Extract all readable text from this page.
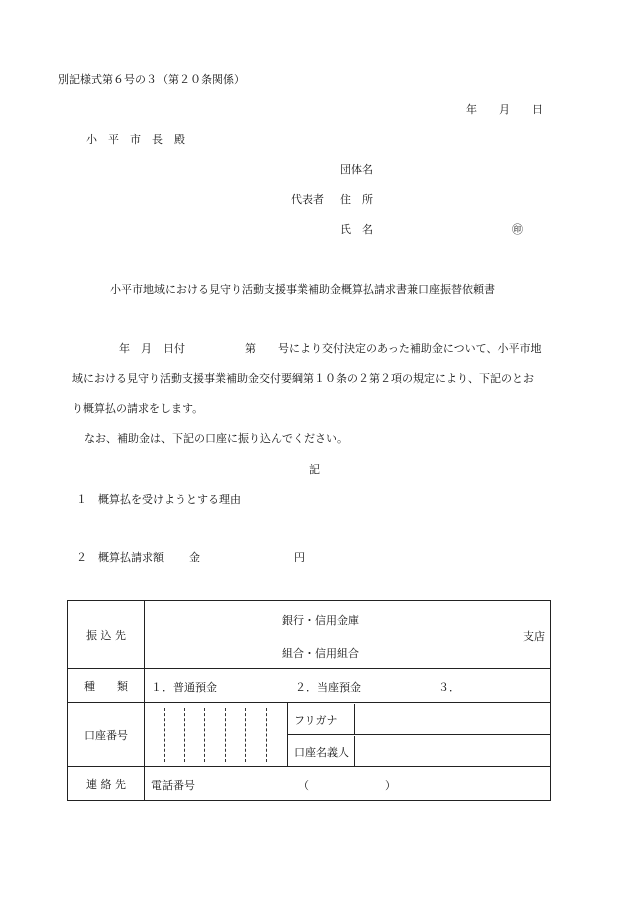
別記様式第６号の３（第２０条関係）
年　　月　　日
小　平　市　長　殿
団体名
代表者 住　所
氏　名	㊞
小平市地域における見守り活動支援事業補助金概算払請求書兼口座振替依頼書
年　月　日付	第　　号により交付決定のあった補助金について、小平市地
域における見守り活動支援事業補助金交付要綱第１０条の２第２項の規定により、下記のとお
り概算払の請求をします。
なお、補助金は、下記の口座に振り込んでください。
記
１　概算払を受けようとする理由
２　概算払請求額 金	円
振 込 先	銀行・信用金庫
支店
組合・信用組合	

種　　類	１．普通預金 ２．当座預金 ３．	

口座番号		フリガナ

		口座名義人

連 絡 先	電話番号 （ ）	
